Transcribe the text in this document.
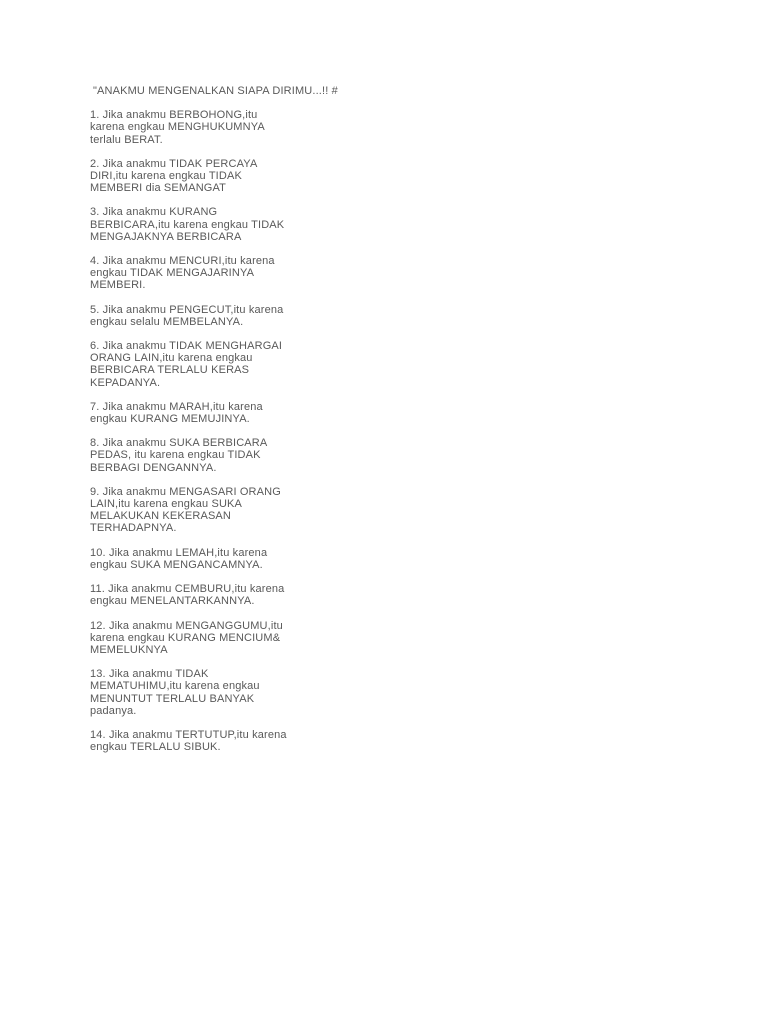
"ANAKMU MENGENALKAN SIAPA DIRIMU...!! #
1. Jika anakmu BERBOHONG,itu
karena engkau MENGHUKUMNYA
terlalu BERAT.
2. Jika anakmu TIDAK PERCAYA
DIRI,itu karena engkau TIDAK
MEMBERI dia SEMANGAT
3. Jika anakmu KURANG
BERBICARA,itu karena engkau TIDAK
MENGAJAKNYA BERBICARA
4. Jika anakmu MENCURI,itu karena
engkau TIDAK MENGAJARINYA
MEMBERI.
5. Jika anakmu PENGECUT,itu karena
engkau selalu MEMBELANYA.
6. Jika anakmu TIDAK MENGHARGAI
ORANG LAIN,itu karena engkau
BERBICARA TERLALU KERAS
KEPADANYA.
7. Jika anakmu MARAH,itu karena
engkau KURANG MEMUJINYA.
8. Jika anakmu SUKA BERBICARA
PEDAS, itu karena engkau TIDAK
BERBAGI DENGANNYA.
9. Jika anakmu MENGASARI ORANG
LAIN,itu karena engkau SUKA
MELAKUKAN KEKERASAN
TERHADAPNYA.
10. Jika anakmu LEMAH,itu karena
engkau SUKA MENGANCAMNYA.
11. Jika anakmu CEMBURU,itu karena
engkau MENELANTARKANNYA.
12. Jika anakmu MENGANGGUMU,itu
karena engkau KURANG MENCIUM&
MEMELUKNYA
13. Jika anakmu TIDAK
MEMATUHIMU,itu karena engkau
MENUNTUT TERLALU BANYAK
padanya.
14. Jika anakmu TERTUTUP,itu karena
engkau TERLALU SIBUK.
